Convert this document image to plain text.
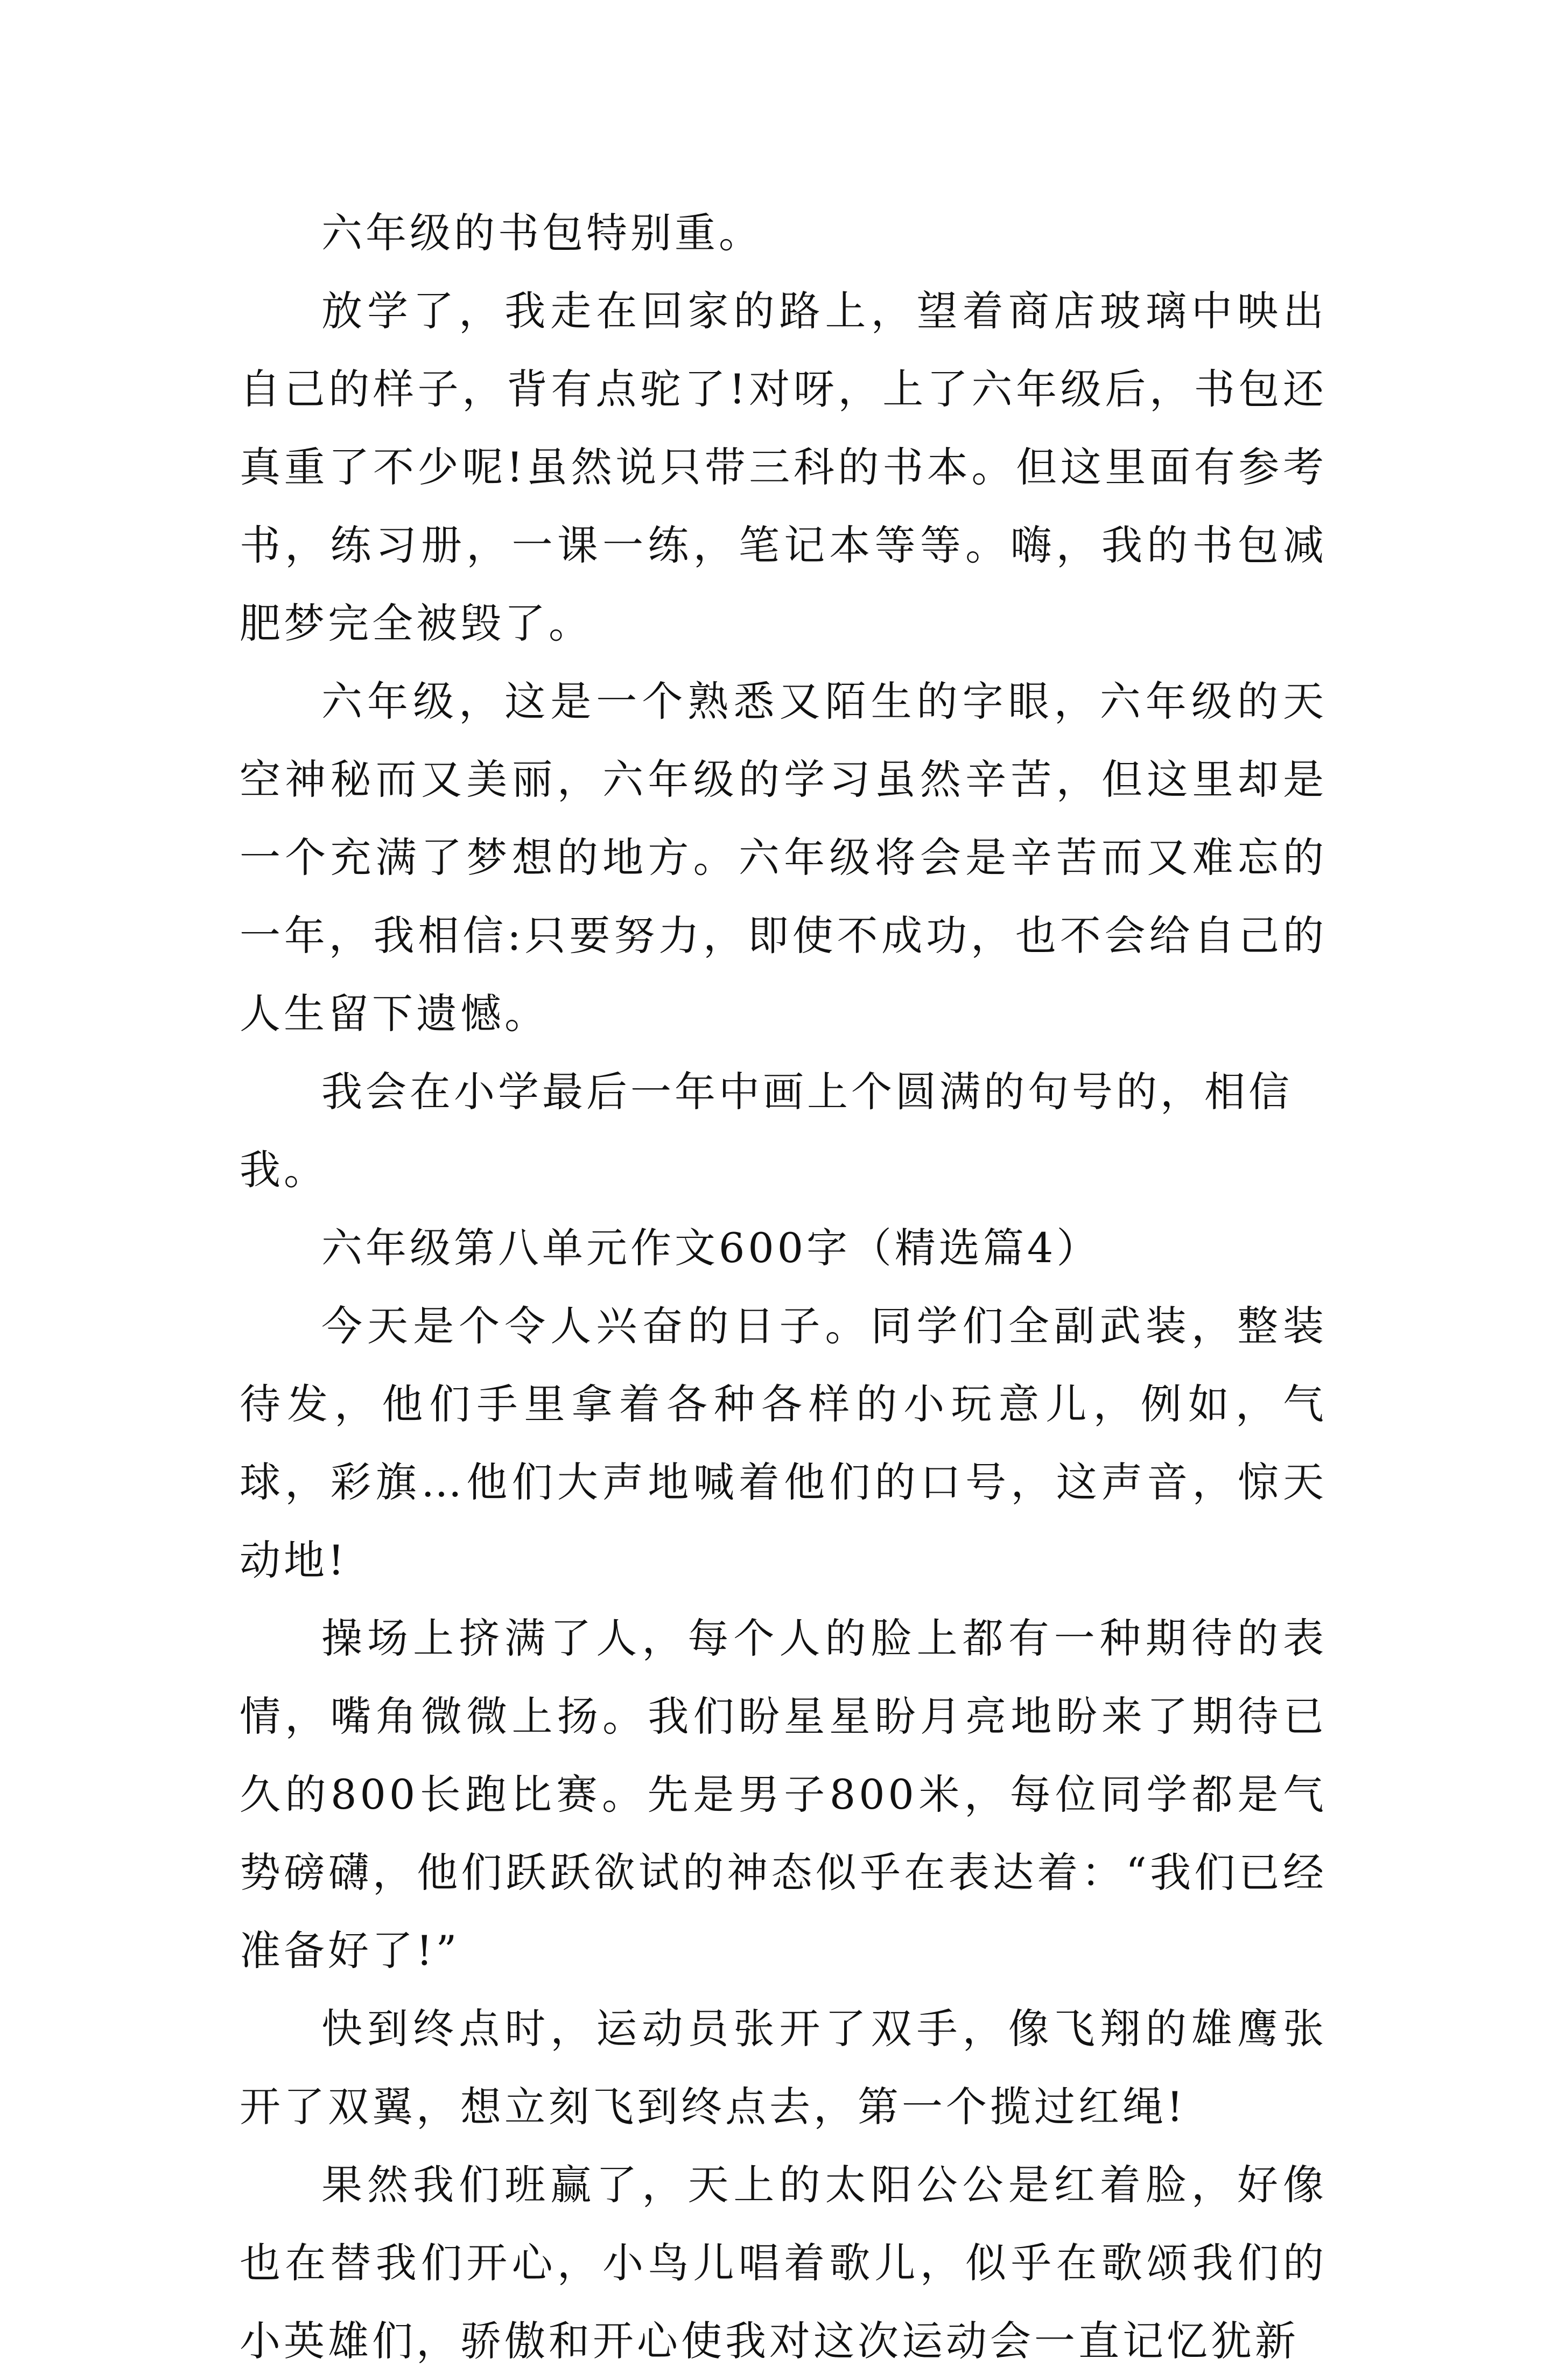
六年级的书包特别重。

放学了，我走在回家的路上，望着商店玻璃中映出自己的样子，背有点驼了!对呀，上了六年级后，书包还真重了不少呢!虽然说只带三科的书本。但这里面有参考书，练习册，一课一练，笔记本等等。嗨，我的书包减肥梦完全被毁了。

六年级，这是一个熟悉又陌生的字眼，六年级的天空神秘而又美丽，六年级的学习虽然辛苦，但这里却是一个充满了梦想的地方。六年级将会是辛苦而又难忘的一年，我相信:只要努力，即使不成功，也不会给自己的人生留下遗憾。

我会在小学最后一年中画上个圆满的句号的，相信我。

六年级第八单元作文600字（精选篇4）

今天是个令人兴奋的日子。同学们全副武装，整装待发，他们手里拿着各种各样的小玩意儿，例如，气球，彩旗…他们大声地喊着他们的口号，这声音，惊天动地!

操场上挤满了人，每个人的脸上都有一种期待的表情，嘴角微微上扬。我们盼星星盼月亮地盼来了期待已久的800长跑比赛。先是男子800米，每位同学都是气势磅礴，他们跃跃欲试的神态似乎在表达着：“我们已经准备好了!”

快到终点时，运动员张开了双手，像飞翔的雄鹰张开了双翼，想立刻飞到终点去，第一个揽过红绳!

果然我们班赢了，天上的太阳公公是红着脸，好像也在替我们开心，小鸟儿唱着歌儿，似乎在歌颂我们的小英雄们，骄傲和开心使我对这次运动会一直记忆犹新
